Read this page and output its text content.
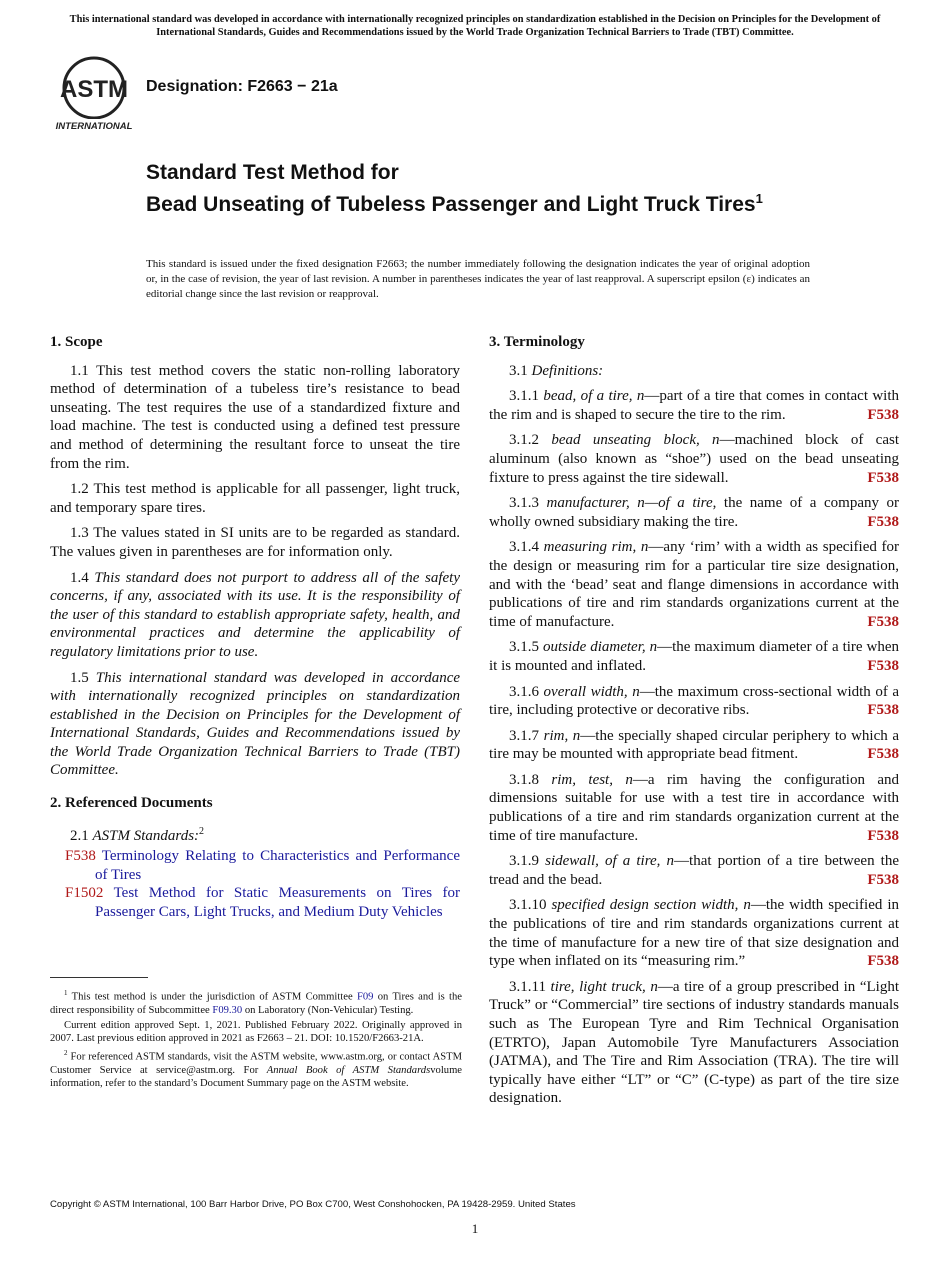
This international standard was developed in accordance with internationally recognized principles on standardization established in the Decision on Principles for the Development of International Standards, Guides and Recommendations issued by the World Trade Organization Technical Barriers to Trade (TBT) Committee.
ASTM
INTERNATIONAL
Designation: F2663 − 21a
Standard Test Method for
Bead Unseating of Tubeless Passenger and Light Truck Tires$^1$
This standard is issued under the fixed designation F2663; the number immediately following the designation indicates the year of original adoption or, in the case of revision, the year of last revision. A number in parentheses indicates the year of last reapproval. A superscript epsilon (ε) indicates an editorial change since the last revision or reapproval.
1. Scope

1.1 This test method covers the static non-rolling laboratory method of determination of a tubeless tire’s resistance to bead unseating. The test requires the use of a standardized fixture and load machine. The test is conducted using a defined test pressure and method of determining the resultant force to unseat the tire from the rim.

1.2 This test method is applicable for all passenger, light truck, and temporary spare tires.

1.3 The values stated in SI units are to be regarded as standard. The values given in parentheses are for information only.

1.4 This standard does not purport to address all of the safety concerns, if any, associated with its use. It is the responsibility of the user of this standard to establish appropriate safety, health, and environmental practices and determine the applicability of regulatory limitations prior to use.

1.5 This international standard was developed in accordance with internationally recognized principles on standardization established in the Decision on Principles for the Development of International Standards, Guides and Recommendations issued by the World Trade Organization Technical Barriers to Trade (TBT) Committee.

2. Referenced Documents

2.1 ASTM Standards:$^2$

F538 Terminology Relating to Characteristics and Performance of Tires

F1502 Test Method for Static Measurements on Tires for Passenger Cars, Light Trucks, and Medium Duty Vehicles

$^1$ This test method is under the jurisdiction of ASTM Committee F09 on Tires and is the direct responsibility of Subcommittee F09.30 on Laboratory (Non-Vehicular) Testing.

Current edition approved Sept. 1, 2021. Published February 2022. Originally approved in 2007. Last previous edition approved in 2021 as F2663 – 21. DOI: 10.1520/F2663-21A.

$^2$ For referenced ASTM standards, visit the ASTM website, www.astm.org, or contact ASTM Customer Service at service@astm.org. For Annual Book of ASTM Standardsvolume information, refer to the standard’s Document Summary page on the ASTM website.

3. Terminology

3.1 Definitions:

3.1.1 bead, of a tire, n—part of a tire that comes in contact with the rim and is shaped to secure the tire to the rim.	F538

3.1.2 bead unseating block, n—machined block of cast aluminum (also known as “shoe”) used on the bead unseating fixture to press against the tire sidewall.	F538

3.1.3 manufacturer, n—of a tire, the name of a company or wholly owned subsidiary making the tire.	F538

3.1.4 measuring rim, n—any ‘rim’ with a width as specified for the design or measuring rim for a particular tire size designation, and with the ‘bead’ seat and flange dimensions in accordance with publications of tire and rim standards organizations current at the time of manufacture.	F538

3.1.5 outside diameter, n—the maximum diameter of a tire when it is mounted and inflated.	F538

3.1.6 overall width, n—the maximum cross-sectional width of a tire, including protective or decorative ribs.	F538

3.1.7 rim, n—the specially shaped circular periphery to which a tire may be mounted with appropriate bead fitment.	F538

3.1.8 rim, test, n—a rim having the configuration and dimensions suitable for use with a test tire in accordance with publications of a tire and rim standards organization current at the time of tire manufacture.	F538

3.1.9 sidewall, of a tire, n—that portion of a tire between the tread and the bead.	F538

3.1.10 specified design section width, n—the width specified in the publications of tire and rim standards organizations current at the time of manufacture for a new tire of that size designation and type when inflated on its “measuring rim.”	F538

3.1.11 tire, light truck, n—a tire of a group prescribed in “Light Truck” or “Commercial” tire sections of industry standards manuals such as The European Tyre and Rim Technical Organisation (ETRTO), Japan Automobile Tyre Manufacturers Association (JATMA), and The Tire and Rim Association (TRA). The tire will typically have either “LT” or “C” (C-type) as part of the tire size designation.

Copyright © ASTM International, 100 Barr Harbor Drive, PO Box C700, West Conshohocken, PA 19428-2959. United States
1
